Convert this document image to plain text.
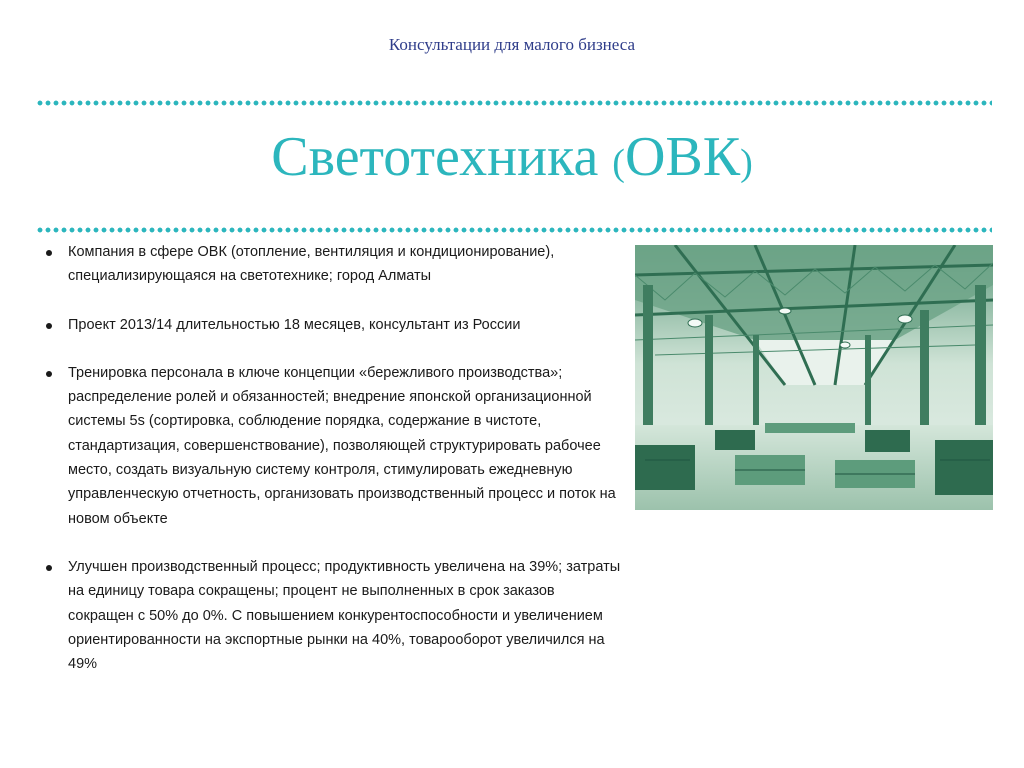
Консультации для малого бизнеса
Светотехника (ОВК)
Компания в сфере ОВК (отопление, вентиляция и кондиционирование), специализирующаяся на светотехнике; город Алматы
Проект 2013/14 длительностью 18 месяцев, консультант из России
Тренировка персонала в ключе концепции «бережливого производства»; распределение ролей и обязанностей; внедрение японской организационной системы 5s (сортировка, соблюдение порядка, содержание в чистоте, стандартизация, совершенствование), позволяющей структурировать рабочее место, создать визуальную систему контроля, стимулировать ежедневную управленческую отчетность, организовать производственный процесс и поток на новом объекте
Улучшен производственный процесс; продуктивность увеличена на 39%; затраты на единицу товара сокращены; процент не выполненных в срок заказов сокращен с 50% до 0%. С повышением конкурентоспособности и увеличением ориентированности на экспортные рынки на 40%, товарооборот увеличился на 49%
